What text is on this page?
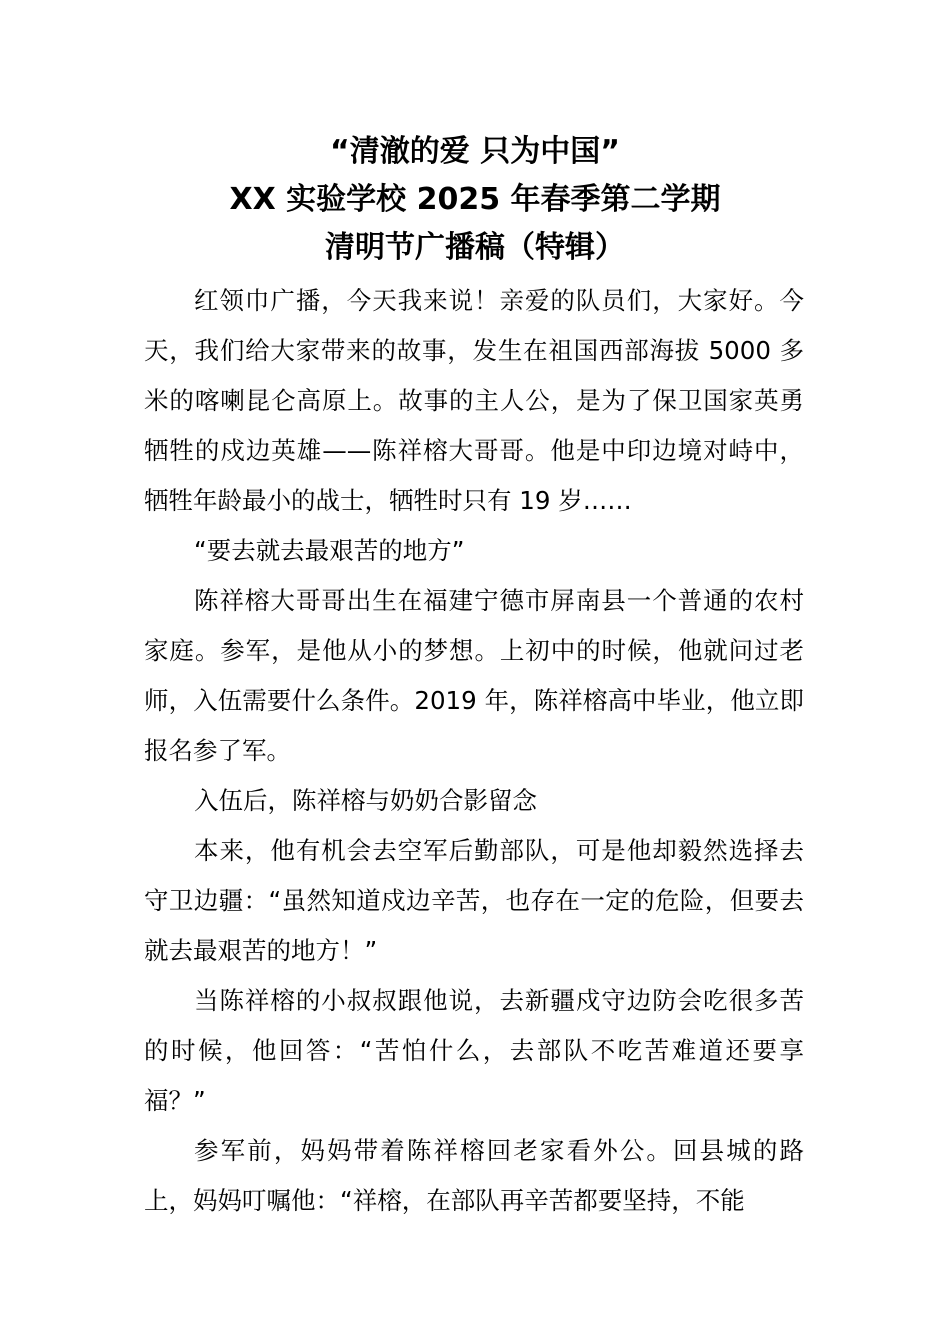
“清澈的爱 只为中国”
XX 实验学校 2025 年春季第二学期
清明节广播稿（特辑）

红领巾广播，今天我来说！亲爱的队员们，大家好。今天，我们给大家带来的故事，发生在祖国西部海拔 5000 多米的喀喇昆仑高原上。故事的主人公，是为了保卫国家英勇牺牲的戍边英雄——陈祥榕大哥哥。他是中印边境对峙中，牺牲年龄最小的战士，牺牲时只有 19 岁……

“要去就去最艰苦的地方”

陈祥榕大哥哥出生在福建宁德市屏南县一个普通的农村家庭。参军，是他从小的梦想。上初中的时候，他就问过老师，入伍需要什么条件。2019 年，陈祥榕高中毕业，他立即报名参了军。

入伍后，陈祥榕与奶奶合影留念

本来，他有机会去空军后勤部队，可是他却毅然选择去守卫边疆：“虽然知道戍边辛苦，也存在一定的危险，但要去就去最艰苦的地方！”

当陈祥榕的小叔叔跟他说，去新疆戍守边防会吃很多苦的时候，他回答：“苦怕什么，去部队不吃苦难道还要享福？”

参军前，妈妈带着陈祥榕回老家看外公。回县城的路上，妈妈叮嘱他：“祥榕，在部队再辛苦都要坚持，不能
